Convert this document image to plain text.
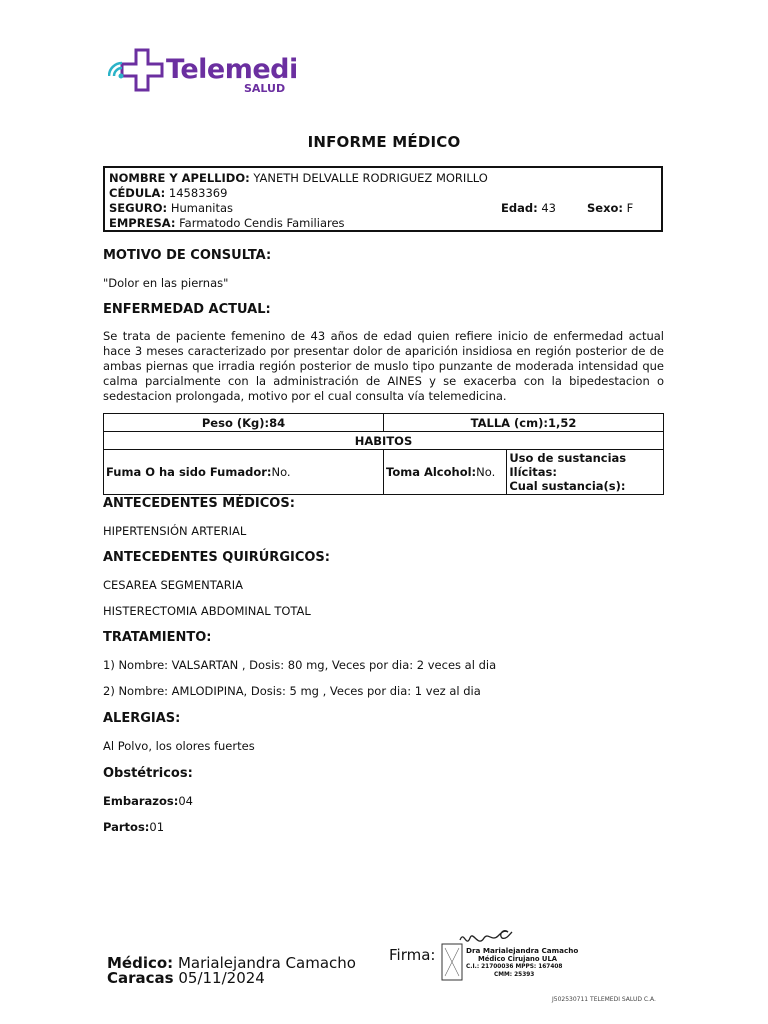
Telemedi
SALUD
INFORME MÉDICO
NOMBRE Y APELLIDO: YANETH DELVALLE RODRIGUEZ MORILLO
CÉDULA: 14583369
SEGURO: Humanitas	Edad: 43	Sexo: F
EMPRESA: Farmatodo Cendis Familiares
MOTIVO DE CONSULTA:
"Dolor en las piernas"
ENFERMEDAD ACTUAL:
Se trata de paciente femenino de 43 años de edad quien refiere inicio de enfermedad actual hace 3 meses caracterizado por presentar dolor de aparición insidiosa en región posterior de de ambas piernas que irradia región posterior de muslo tipo punzante de moderada intensidad que calma parcialmente con la administración de AINES y se exacerba con la bipedestacion o sedestacion prolongada, motivo por el cual consulta vía telemedicina.
Peso (Kg):84	TALLA (cm):1,52	
HABITOS		
Fuma O ha sido Fumador:No.	Toma Alcohol:No.	Uso de sustancias Ilícitas:
Cual sustancia(s):
ANTECEDENTES MÉDICOS:
HIPERTENSIÓN ARTERIAL
ANTECEDENTES QUIRÚRGICOS:
CESAREA SEGMENTARIA
HISTERECTOMIA ABDOMINAL TOTAL
TRATAMIENTO:
1) Nombre: VALSARTAN , Dosis: 80 mg, Veces por dia: 2 veces al dia
2) Nombre: AMLODIPINA, Dosis: 5 mg , Veces por dia: 1 vez al dia
ALERGIAS:
Al Polvo, los olores fuertes
Obstétricos:
Embarazos:04
Partos:01
Médico: Marialejandra Camacho
Caracas 05/11/2024
Firma:	Dra Marialejandra Camacho
Médico Cirujano ULA
C.I.: 21700036 MPPS: 167408
CMM: 25393
J502530711 TELEMEDI SALUD C.A.
